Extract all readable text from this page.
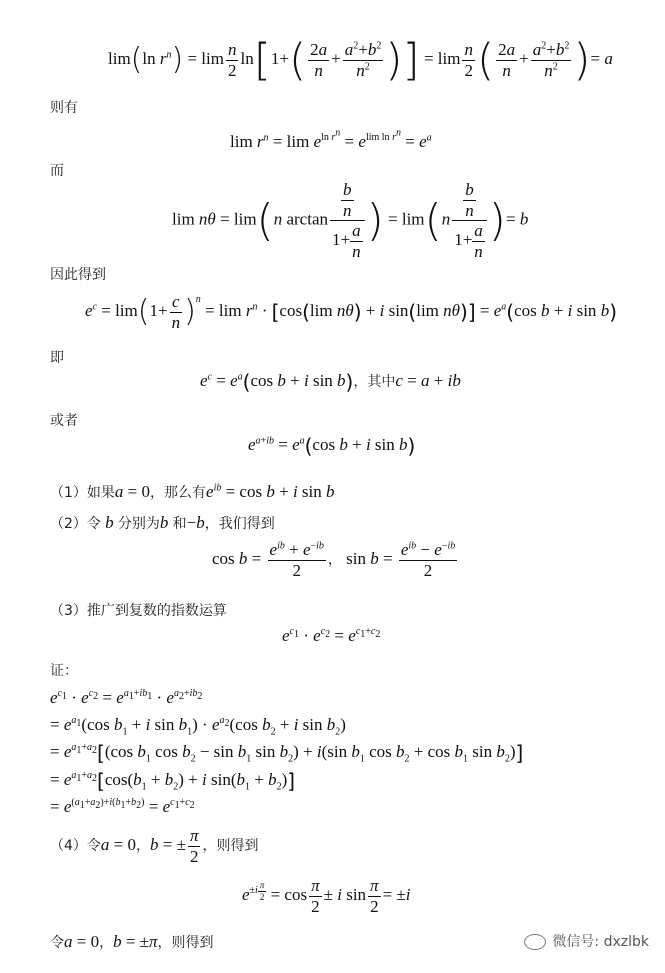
lim(ln $r^n) = \lim \frac{n}{2} \ln[1+( \frac{2a}{n} + \frac{a^2+b^2}{n^2}$ )] = $\lim \frac{n}{2}$ ( $\frac{2a}{n} + \frac{a^2+b^2}{n^2}$ )= a
则有
$\lim r^n = \lim e^{ln r^n} = e^{lim ln r^n} = e^a$
而
lim nθ = lim(n $\arctan \frac{\frac{b}{n}}{1+ \frac{a}{n}}$ ) = $\lim(n \frac{\frac{b}{n}}{1+ \frac{a}{n}}$ )= b
因此得到
$e^c = \lim(1+ \frac{c}{n} )^n = \lim r^n \cdot [\cos(\lim$ nθ) + i sin(lim $n\theta)] = e^a(\cos$ b + i sin b)
即
$e^c = e^a(\cos$ b + i sin b)，其中c = a + ib
或者
$e^{a+ib} = e^a(\cos$ b + i sin b)
（1）如果a = 0，那么有$e^{ib} = \cos b + i$ sin b
（2）令 b 分别为b 和−b，我们得到
$\cos b = e^{ib} + e^{-ib}$
2
， $\sin b = e^{ib} - e^{-ib}$
2
（3）推广到复数的指数运算
$e^{c_1} \cdot e^{c_2} = e^{c_1+c_2}$
证：
$e^{c_1} \cdot e^{c_2} = e^{a_1+ib_1} \cdot e^{a_2+ib_2}$
= $e^{a_1}(\cos$ $b_1 + i$ $\sin b_1) \cdot e^{a_2}(\cos$ $b_2 + i$ $\sin b_2$)
= $e^{a_1+a_2}[(\cos$ $b_1$ $\cos b_2 - \sin b_1$ $\sin b_2) + i(\sin$ $b_1$ $\cos b_2 + \cos b_1$ $\sin b_2$)]
= $e^{a_1+a_2}[\cos(b_1 + b_2) + i$ $\sin(b_1 + b_2)$]
= $e^{(a_1+a_2)+i(b_1+b_2)} = e^{c_1+c_2}$
（4）令a = 0，b = ± $\frac{\pi}{2}$ ，则得到
$e^{\pm i \frac{\pi}{2}} = \cos \frac{\pi}{2} \pm i$ $\sin \frac{\pi}{2} = \pm i$
令a = 0，b = ±π，则得到	微信号: dxzlbk
